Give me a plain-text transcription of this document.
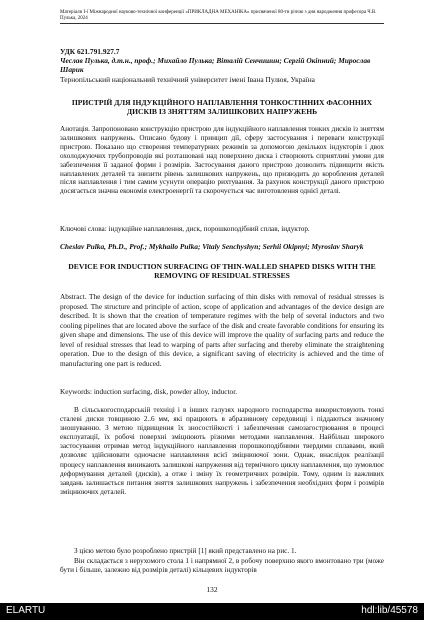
Матеріали I-ї Міжнародної науково-технічної конференції «ПРИКЛАДНА МЕХАНІКА» присвяченої 80-ти річчю з дня народження професора Ч.В. Пулька, 2024
УДК 621.791.927.7
Чеслав Пулька, д.т.н., проф.; Михайло Пулька; Віталій Сенчишин; Сергій Окіпний; Мирослав Шарик
Тернопільський національний технічний університет імені Івана Пулюя, Україна
ПРИСТРІЙ ДЛЯ ІНДУКЦІЙНОГО НАПЛАВЛЕННЯ ТОНКОСТІННИХ ФАСОННИХ ДИСКІВ ІЗ ЗНЯТТЯМ ЗАЛИШКОВИХ НАПРУЖЕНЬ
Анотація. Запропоновано конструкцію пристрою для індукційного наплавлення тонких дисків із зняттям залишкових напружень. Описано будову і принцип дії, сферу застосування і переваги конструкції пристрою. Показано що створення температурних режимів за допомогою декількох індукторів і двох охолоджуючих трубопроводів які розташовані над поверхнею диска і створюють сприятливі умови для забезпечення її заданої форми і розмірів. Застосування даного пристрою дозволить підвищити якість наплавлених деталей та знизити рівень залишкових напружень, що призводить до коробления деталей після наплавлення і тим самим усунути операцію рихтування. За рахунок конструкції даного пристрою досягається значна економія електроенергії та скорочується час виготовлення однієї деталі.
Ключові слова: індукційне наплавлення, диск, порошкоподібний сплав, індуктор.
Cheslav Pulka, Ph.D., Prof.; Mykhailo Pulka; Vitaly Senchyshyn; Serhii Okipnyi; Myroslav Sharyk
DEVICE FOR INDUCTION SURFACING OF THIN-WALLED SHAPED DISKS WITH THE REMOVING OF RESIDUAL STRESSES
Abstract. The design of the device for induction surfacing of thin disks with removal of residual stresses is proposed. The structure and principle of action, scope of application and advantages of the device design are described. It is shown that the creation of temperature regimes with the help of several inductors and two cooling pipelines that are located above the surface of the disk and create favorable conditions for ensuring its given shape and dimensions. The use of this device will improve the quality of surfacing parts and reduce the level of residual stresses that lead to warping of parts after surfacing and thereby eliminate the straightening operation. Due to the design of this device, a significant saving of electricity is achieved and the time of manufacturing one part is reduced.
Keywords: induction surfacing, disk, powder alloy, inductor.
В сільськогосподарській техніці і в інших галузях народного господарства використовують тонкі сталеві диски товщиною 2..6 мм, які працюють в абразивному середовищі і піддаються значному зношуванню. З метою підвищення їх зносостійкості і забезпечення самозагострювання в процесі експлуатації, їх робочі поверхні зміцнюють різними методами наплавлення. Найбільш широкого застосування отримав метод індукційного наплавлення порошкоподібними твердими сплавами, який дозволяє здійснювати одночасне наплавлення всієї зміцнюючої зони. Однак, внаслідок реалізації процесу наплавлення виникають залишкові напруження від термічного циклу наплавлення, що зумовлює деформування деталей (дисків), а отже і зміну їх геометричних розмірів. Тому, одним із важливих завдань залишається питання зняття залишкових напружень і забезпечення необхідних форм і розмірів зміцнюючих деталей.
З цією метою було розроблено пристрій [1] який представлено на рис. 1.
Він складається з нерухомого стола 1 і напрямної 2, в робочу поверхню якого вмонтовано три (може бути і більше, залежно від розмірів деталі) кільцевих індукторів
132
ELARTU	hdl:lib/45578
